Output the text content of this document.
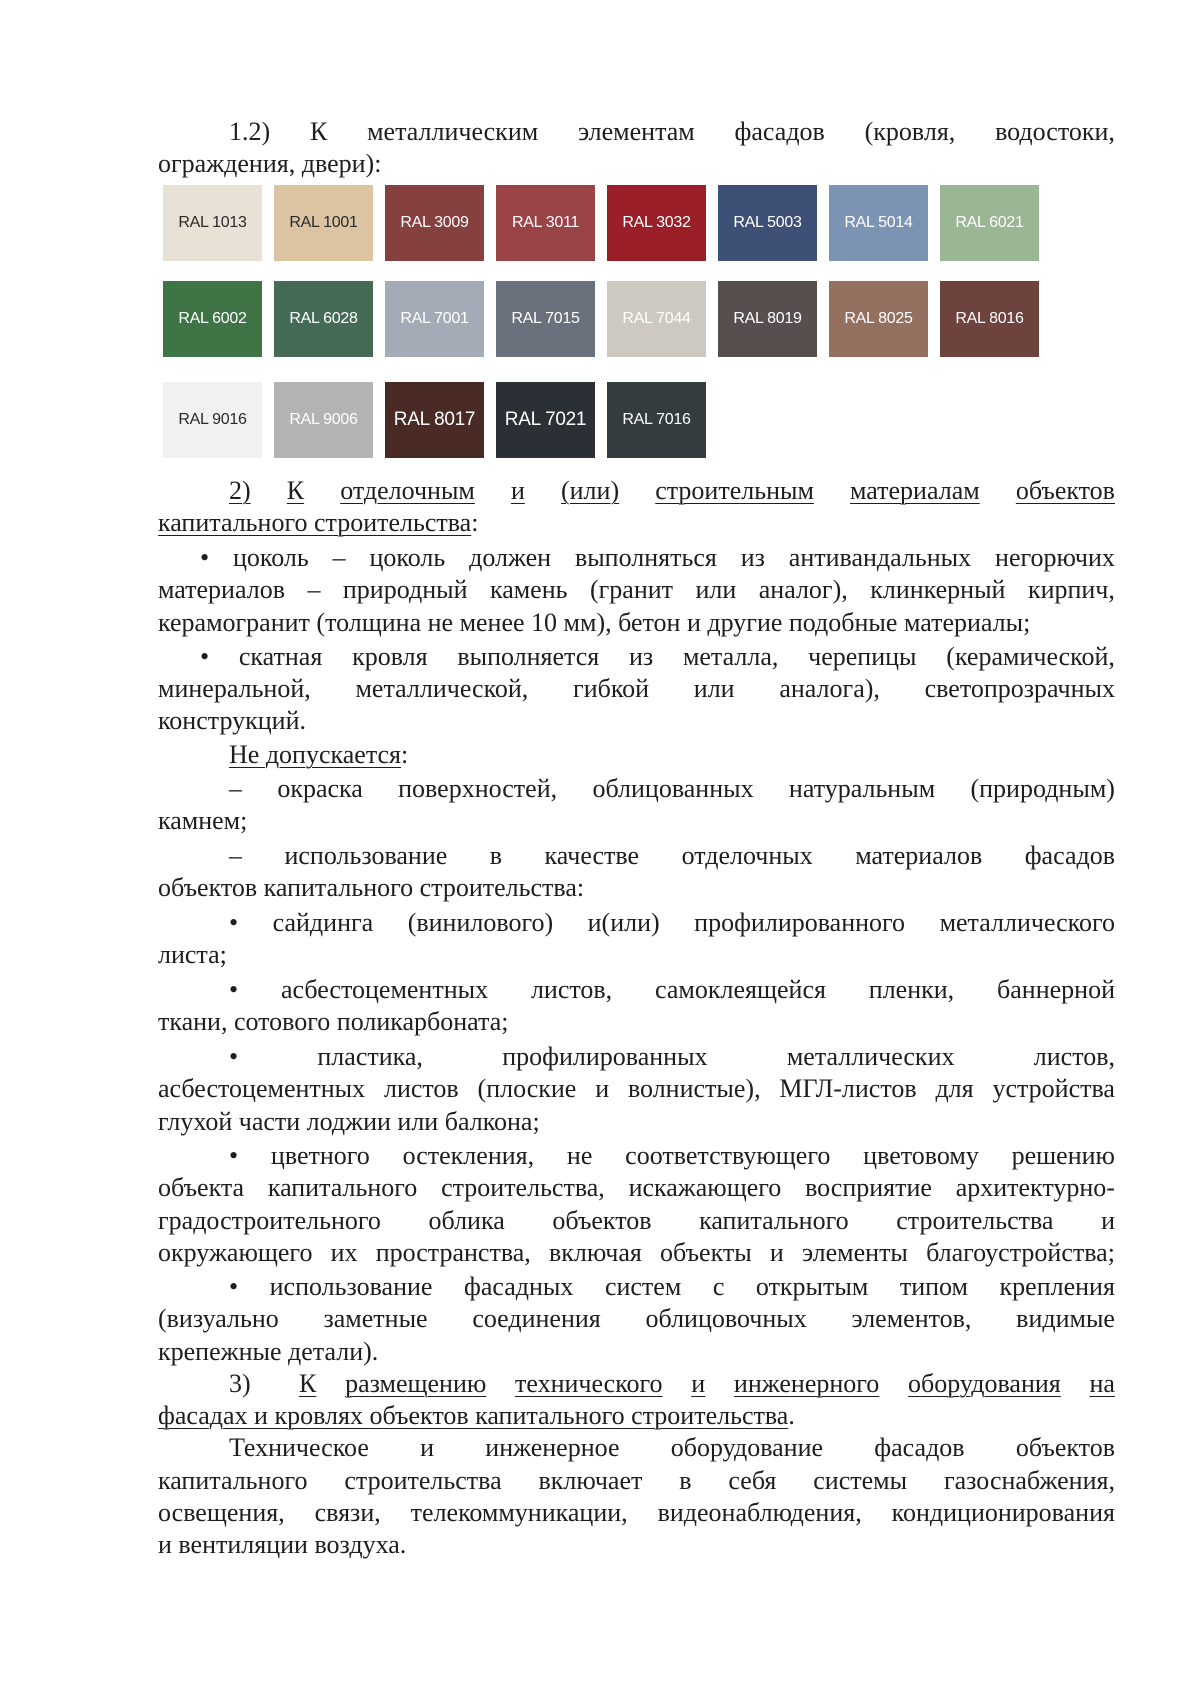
1.2) К металлическим элементам фасадов (кровля, водостоки,
ограждения, двери):
RAL 1013	RAL 1001	RAL 3009	RAL 3011	RAL 3032	RAL 5003	RAL 5014	RAL 6021
RAL 6002	RAL 6028	RAL 7001	RAL 7015	RAL 7044	RAL 8019	RAL 8025	RAL 8016
RAL 9016	RAL 9006 RAL 8017 RAL 7021 RAL 7016
2) К отделочным и (или) строительным материалам объектов
капитального строительства:
• цоколь – цоколь должен выполняться из антивандальных негорючих
материалов – природный камень (гранит или аналог), клинкерный кирпич,
керамогранит (толщина не менее 10 мм), бетон и другие подобные материалы;
• скатная кровля выполняется из металла, черепицы (керамической,
минеральной, металлической, гибкой или аналога), светопрозрачных
конструкций.
Не допускается:
– окраска поверхностей, облицованных натуральным (природным)
камнем;
– использование в качестве отделочных материалов фасадов
объектов капитального строительства:
• сайдинга (винилового) и(или) профилированного металлического
листа;
• асбестоцементных листов, самоклеящейся пленки, баннерной
ткани, сотового поликарбоната;
•	пластика,	профилированных	металлических	листов,
асбестоцементных листов (плоские и волнистые), МГЛ-листов для устройства
глухой части лоджии или балкона;
• цветного остекления, не соответствующего цветовому решению
объекта капитального строительства, искажающего восприятие архитектурно-
градостроительного облика объектов капитального строительства и
окружающего их пространства, включая объекты и элементы благоустройства;
• использование фасадных систем с открытым типом крепления
(визуально заметные соединения облицовочных элементов, видимые
крепежные детали).
3) К размещению технического и инженерного оборудования на
фасадах и кровлях объектов капитального строительства.
Техническое и инженерное оборудование фасадов объектов
капитального строительства включает в себя системы газоснабжения,
освещения, связи, телекоммуникации, видеонаблюдения, кондиционирования
и вентиляции воздуха.
